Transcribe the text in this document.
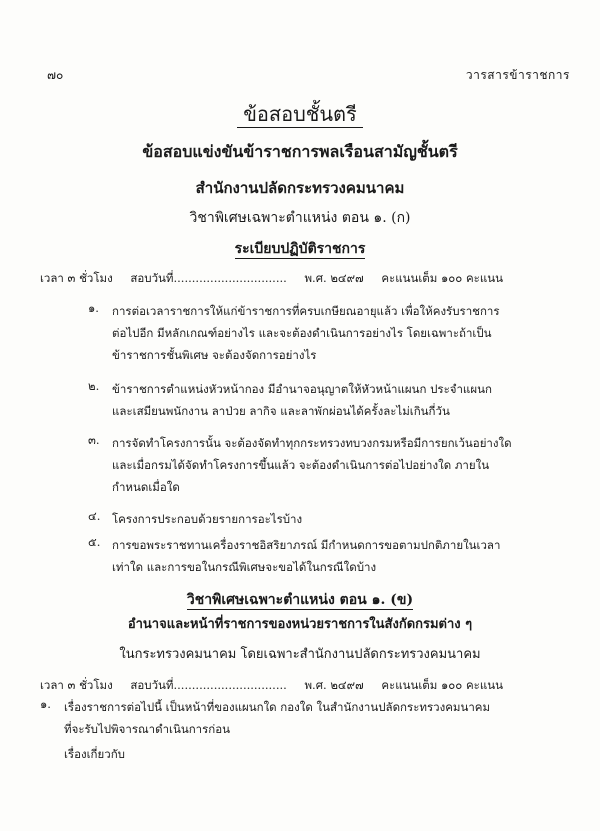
๗๐	วารสารข้าราชการ
ข้อสอบชั้นตรี
ข้อสอบแข่งขันข้าราชการพลเรือนสามัญชั้นตรี
สำนักงานปลัดกระทรวงคมนาคม
วิชาพิเศษเฉพาะตำแหน่ง ตอน ๑. (ก)
ระเบียบปฏิบัติราชการ
เวลา ๓ ชั่วโมง สอบวันที่............................... พ.ศ. ๒๔๙๗ คะแนนเต็ม ๑๐๐ คะแนน
๑. การต่อเวลาราชการให้แก่ข้าราชการที่ครบเกษียณอายุแล้ว เพื่อให้คงรับราชการ

ต่อไปอีก มีหลักเกณฑ์อย่างไร และจะต้องดำเนินการอย่างไร โดยเฉพาะถ้าเป็น

ข้าราชการชั้นพิเศษ จะต้องจัดการอย่างไร

๒. ข้าราชการตำแหน่งหัวหน้ากอง มีอำนาจอนุญาตให้หัวหน้าแผนก ประจำแผนก

และเสมียนพนักงาน ลาป่วย ลากิจ และลาพักผ่อนได้ครั้งละไม่เกินกี่วัน

๓. การจัดทำโครงการนั้น จะต้องจัดทำทุกกระทรวงทบวงกรมหรือมีการยกเว้นอย่างใด

และเมื่อกรมได้จัดทำโครงการขึ้นแล้ว จะต้องดำเนินการต่อไปอย่างใด ภายใน

กำหนดเมื่อใด

๔. โครงการประกอบด้วยรายการอะไรบ้าง

๕. การขอพระราชทานเครื่องราชอิสริยาภรณ์ มีกำหนดการขอตามปกติภายในเวลา

เท่าใด และการขอในกรณีพิเศษจะขอได้ในกรณีใดบ้าง

วิชาพิเศษเฉพาะตำแหน่ง ตอน ๑. (ข)
อำนาจและหน้าที่ราชการของหน่วยราชการในสังกัดกรมต่าง ๆ
ในกระทรวงคมนาคม โดยเฉพาะสำนักงานปลัดกระทรวงคมนาคม
เวลา ๓ ชั่วโมง สอบวันที่............................... พ.ศ. ๒๔๙๗ คะแนนเต็ม ๑๐๐ คะแนน
๑. เรื่องราชการต่อไปนี้ เป็นหน้าที่ของแผนกใด กองใด ในสำนักงานปลัดกระทรวงคมนาคม

ที่จะรับไปพิจารณาดำเนินการก่อน

เรื่องเกี่ยวกับ
